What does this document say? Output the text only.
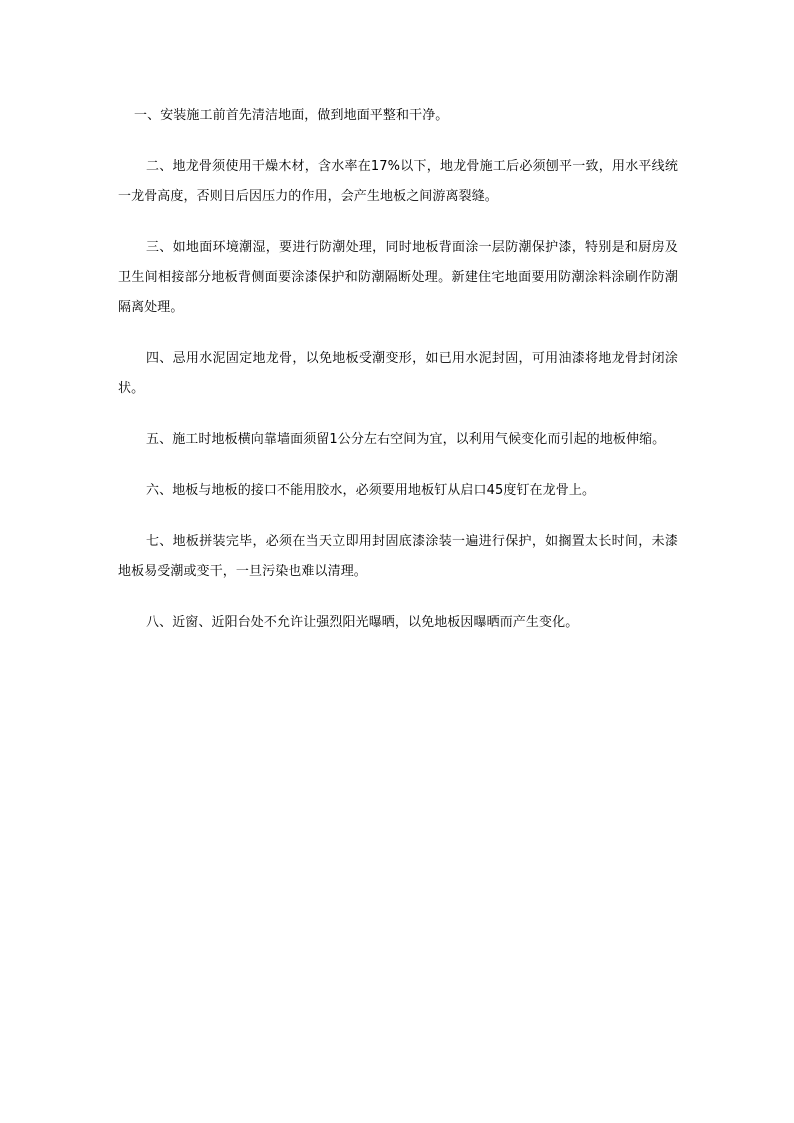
一、安装施工前首先清洁地面，做到地面平整和干净。

二、地龙骨须使用干燥木材，含水率在17%以下，地龙骨施工后必须刨平一致，用水平线统一龙骨高度，否则日后因压力的作用，会产生地板之间游离裂缝。

三、如地面环境潮湿，要进行防潮处理，同时地板背面涂一层防潮保护漆，特别是和厨房及卫生间相接部分地板背侧面要涂漆保护和防潮隔断处理。新建住宅地面要用防潮涂料涂刷作防潮隔离处理。

四、忌用水泥固定地龙骨，以免地板受潮变形，如已用水泥封固，可用油漆将地龙骨封闭涂状。

五、施工时地板横向靠墙面须留1公分左右空间为宜，以利用气候变化而引起的地板伸缩。

六、地板与地板的接口不能用胶水，必须要用地板钉从启口45度钉在龙骨上。

七、地板拼装完毕，必须在当天立即用封固底漆涂装一遍进行保护，如搁置太长时间，未漆地板易受潮或变干，一旦污染也难以清理。

八、近窗、近阳台处不允许让强烈阳光曝晒，以免地板因曝晒而产生变化。
